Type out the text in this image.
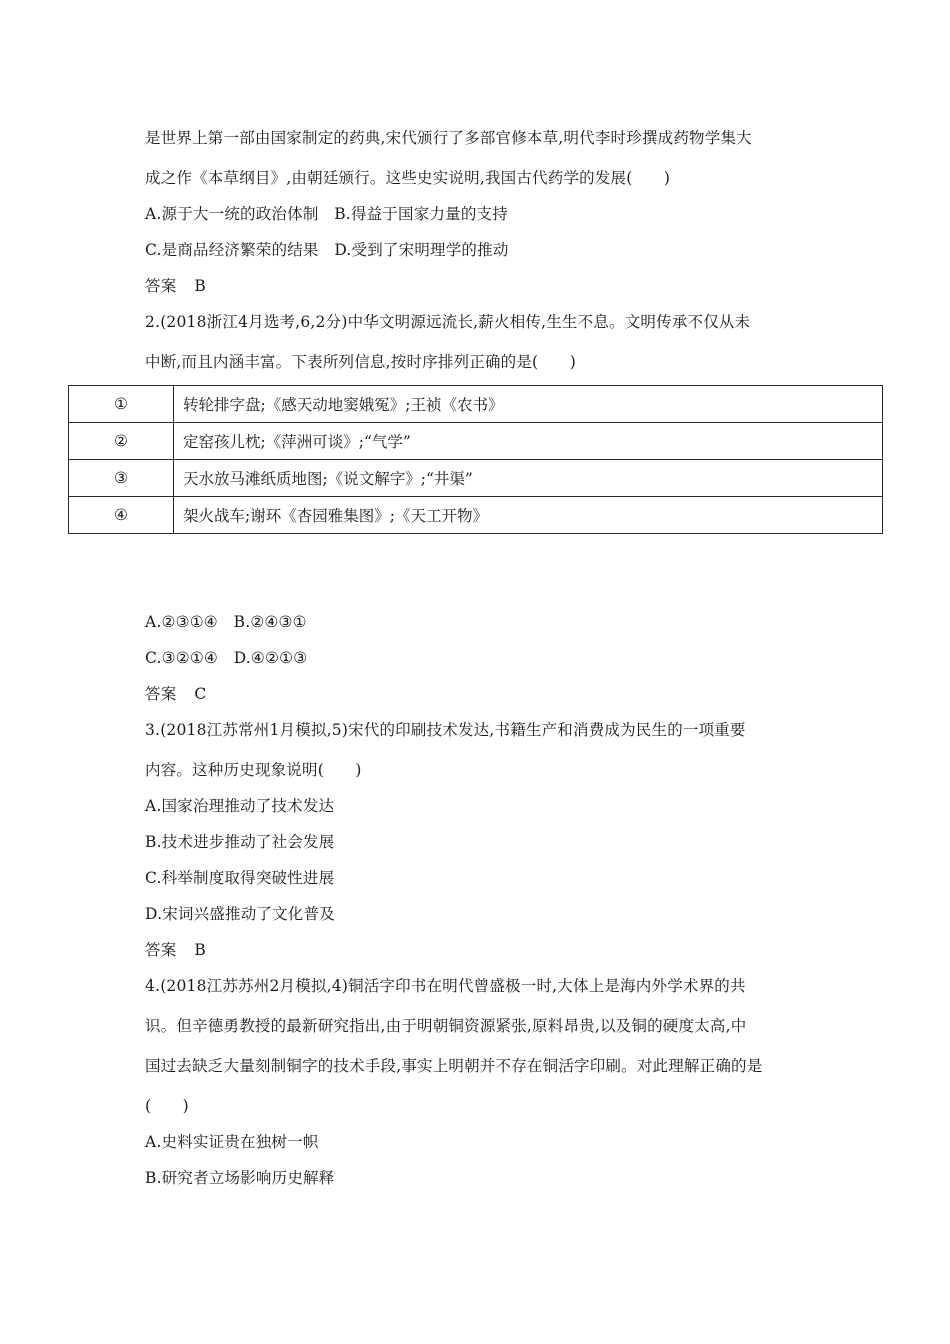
是世界上第一部由国家制定的药典,宋代颁行了多部官修本草,明代李时珍撰成药物学集大
成之作《本草纲目》,由朝廷颁行。这些史实说明,我国古代药学的发展(　　)
A.源于大一统的政治体制　B.得益于国家力量的支持
C.是商品经济繁荣的结果　D.受到了宋明理学的推动
答案 B
2.(2018浙江4月选考,6,2分)中华文明源远流长,薪火相传,生生不息。文明传承不仅从未
中断,而且内涵丰富。下表所列信息,按时序排列正确的是(　　)
①	转轮排字盘;《感天动地窦娥冤》;王祯《农书》
②	定窑孩儿枕;《萍洲可谈》;“气学”
③	天水放马滩纸质地图;《说文解字》;“井渠”
④	架火战车;谢环《杏园雅集图》;《天工开物》
A.②③①④　B.②④③①
C.③②①④　D.④②①③
答案 C
3.(2018江苏常州1月模拟,5)宋代的印刷技术发达,书籍生产和消费成为民生的一项重要
内容。这种历史现象说明(　　)
A.国家治理推动了技术发达
B.技术进步推动了社会发展
C.科举制度取得突破性进展
D.宋词兴盛推动了文化普及
答案 B
4.(2018江苏苏州2月模拟,4)铜活字印书在明代曾盛极一时,大体上是海内外学术界的共
识。但辛德勇教授的最新研究指出,由于明朝铜资源紧张,原料昂贵,以及铜的硬度太高,中
国过去缺乏大量刻制铜字的技术手段,事实上明朝并不存在铜活字印刷。对此理解正确的是
(　　)
A.史料实证贵在独树一帜
B.研究者立场影响历史解释
